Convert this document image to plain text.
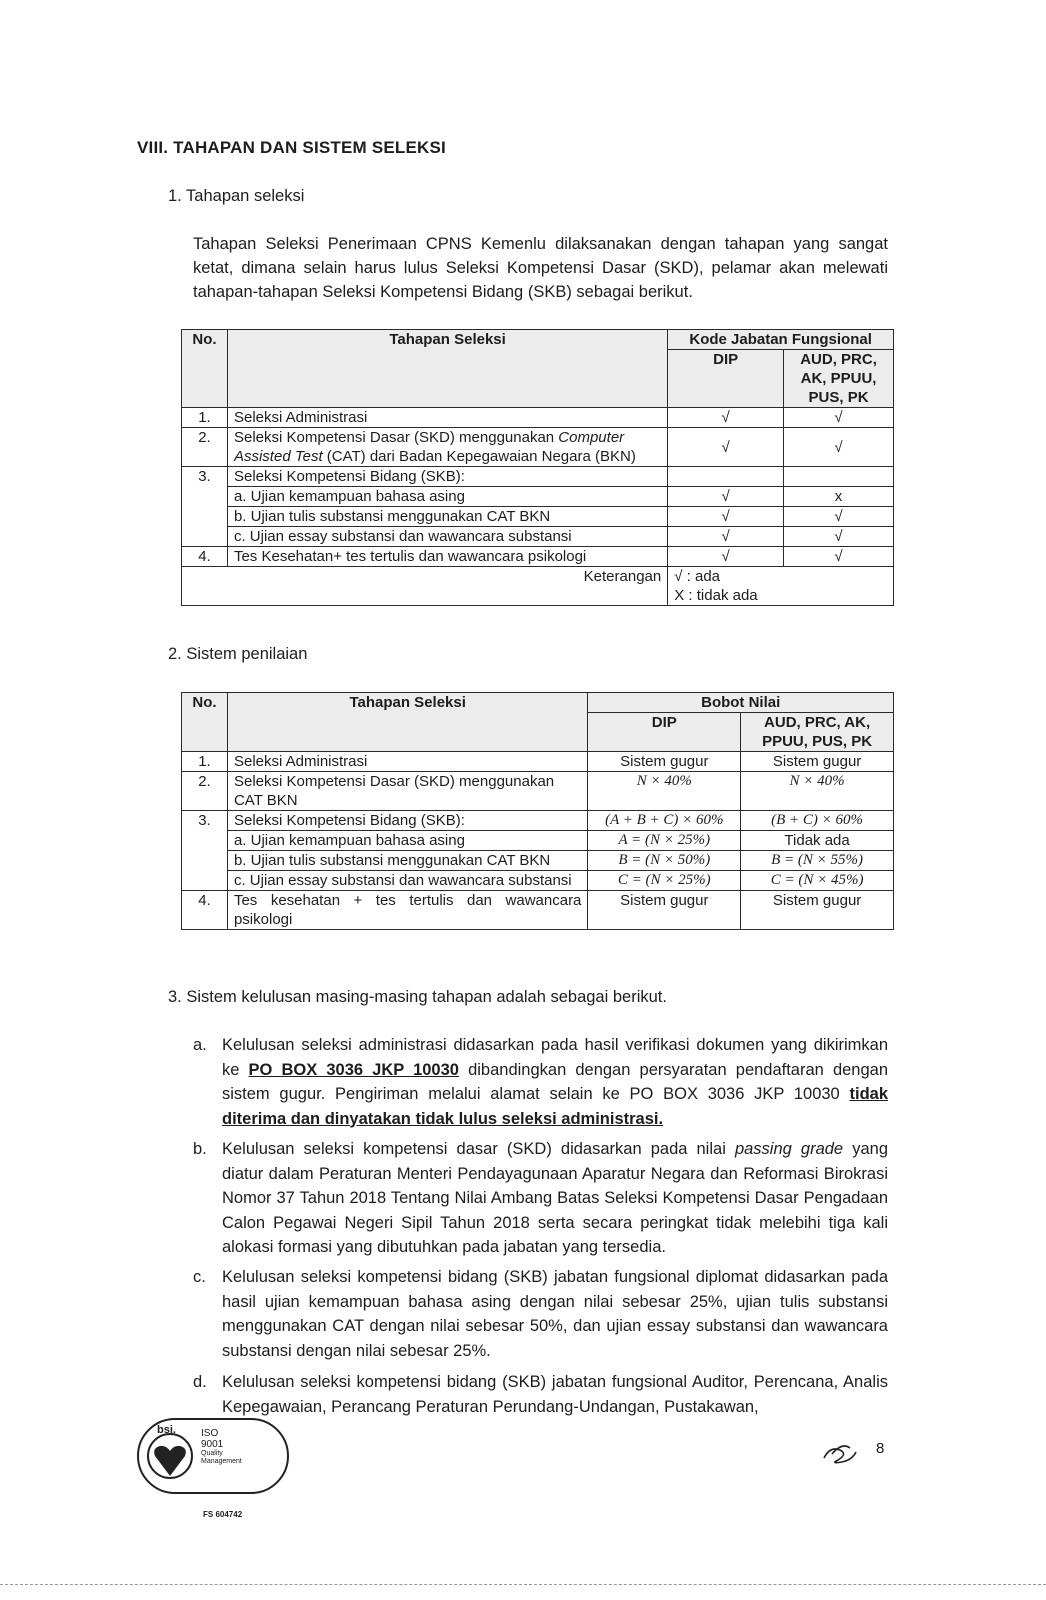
VIII. TAHAPAN DAN SISTEM SELEKSI
1. Tahapan seleksi
Tahapan Seleksi Penerimaan CPNS Kemenlu dilaksanakan dengan tahapan yang sangat ketat, dimana selain harus lulus Seleksi Kompetensi Dasar (SKD), pelamar akan melewati tahapan-tahapan Seleksi Kompetensi Bidang (SKB) sebagai berikut.
No.	Tahapan Seleksi	Kode Jabatan Fungsional	
		DIP	AUD, PRC, AK, PPUU, PUS, PK
1.	Seleksi Administrasi	√	√
2.	Seleksi Kompetensi Dasar (SKD) menggunakan Computer Assisted Test (CAT) dari Badan Kepegawaian Negara (BKN)	√	√
3.	Seleksi Kompetensi Bidang (SKB):		
	a. Ujian kemampuan bahasa asing	√	x
	b. Ujian tulis substansi menggunakan CAT BKN	√	√
	c. Ujian essay substansi dan wawancara substansi	√	√
4.	Tes Kesehatan+ tes tertulis dan wawancara psikologi	√	√
Keterangan		√ : ada
X : tidak ada	
2. Sistem penilaian
No.	Tahapan Seleksi	Bobot Nilai	
		DIP	AUD, PRC, AK, PPUU, PUS, PK
1.	Seleksi Administrasi	Sistem gugur	Sistem gugur
2.	Seleksi Kompetensi Dasar (SKD) menggunakan CAT BKN	N × 40%	N × 40%
3.	Seleksi Kompetensi Bidang (SKB):	(A + B + C) × 60%	(B + C) × 60%
	a. Ujian kemampuan bahasa asing	A = (N × 25%)	Tidak ada
	b. Ujian tulis substansi menggunakan CAT BKN	B = (N × 50%)	B = (N × 55%)
	c. Ujian essay substansi dan wawancara substansi	C = (N × 25%)	C = (N × 45%)
4.	Tes kesehatan + tes tertulis dan wawancara psikologi	Sistem gugur	Sistem gugur
3. Sistem kelulusan masing-masing tahapan adalah sebagai berikut.
a. Kelulusan seleksi administrasi didasarkan pada hasil verifikasi dokumen yang dikirimkan ke PO BOX 3036 JKP 10030 dibandingkan dengan persyaratan pendaftaran dengan sistem gugur. Pengiriman melalui alamat selain ke PO BOX 3036 JKP 10030 tidak diterima dan dinyatakan tidak lulus seleksi administrasi.
b. Kelulusan seleksi kompetensi dasar (SKD) didasarkan pada nilai passing grade yang diatur dalam Peraturan Menteri Pendayagunaan Aparatur Negara dan Reformasi Birokrasi Nomor 37 Tahun 2018 Tentang Nilai Ambang Batas Seleksi Kompetensi Dasar Pengadaan Calon Pegawai Negeri Sipil Tahun 2018 serta secara peringkat tidak melebihi tiga kali alokasi formasi yang dibutuhkan pada jabatan yang tersedia.
c. Kelulusan seleksi kompetensi bidang (SKB) jabatan fungsional diplomat didasarkan pada hasil ujian kemampuan bahasa asing dengan nilai sebesar 25%, ujian tulis substansi menggunakan CAT dengan nilai sebesar 50%, dan ujian essay substansi dan wawancara substansi dengan nilai sebesar 25%.
d. Kelulusan seleksi kompetensi bidang (SKB) jabatan fungsional Auditor, Perencana, Analis Kepegawaian, Perancang Peraturan Perundang-Undangan, Pustakawan,
bsi.	ISO
9001
Quality
Management
FS 604742
8
